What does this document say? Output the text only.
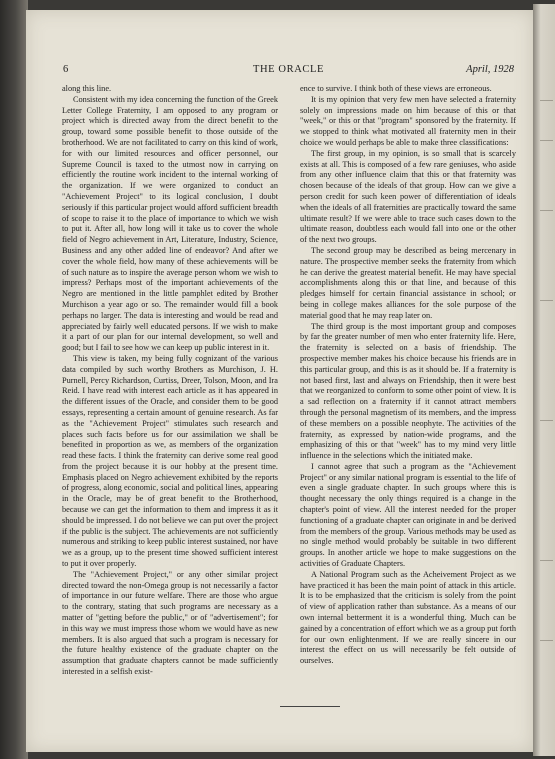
6	THE ORACLE	April, 1928

along this line.

Consistent with my idea concerning the function of the Greek Letter College Fraternity, I am opposed to any program or project which is directed away from the direct benefit to the group, toward some possible benefit to those outside of the brotherhood. We are not facilitated to carry on this kind of work, for with our limited resources and officer personnel, our Supreme Council is taxed to the utmost now in carrying on efficiently the routine work incident to the internal working of the organization. If we were organized to conduct an "Achievement Project" to its logical conclusion, I doubt seriously if this particular project would afford sufficient breadth of scope to raise it to the place of importance to which we wish to put it. After all, how long will it take us to cover the whole field of Negro achievement in Art, Literature, Industry, Science, Business and any other added line of endeavor? And after we cover the whole field, how many of these achievements will be of such nature as to inspire the average person whom we wish to impress? Perhaps most of the important achievements of the Negro are mentioned in the little pamphlet edited by Brother Murchison a year ago or so. The remainder would fill a book perhaps no larger. The data is interesting and would be read and appreciated by fairly well educated persons. If we wish to make it a part of our plan for our internal development, so well and good; but I fail to see how we can keep up public interest in it.

This view is taken, my being fully cognizant of the various data compiled by such worthy Brothers as Murchison, J. H. Purnell, Percy Richardson, Curtiss, Dreer, Tolson, Moon, and Ira Reid. I have read with interest each article as it has appeared in the different issues of the Oracle, and consider them to be good essays, representing a certain amount of genuine research. As far as the "Achievement Project" stimulates such research and places such facts before us for our assimilation we shall be benefited in proportion as we, as members of the organization read these facts. I think the fraternity can derive some real good from the project because it is our hobby at the present time. Emphasis placed on Negro achievement exhibited by the reports of progress, along economic, social and political lines, appearing in the Oracle, may be of great benefit to the Brotherhood, because we can get the information to them and impress it as it should be impressed. I do not believe we can put over the project if the public is the subject. The achievements are not sufficiently numerous and striking to keep public interest sustained, nor have we as a group, up to the present time showed sufficient interest to put it over properly.

The "Achievement Project," or any other similar project directed toward the non-Omega group is not necessarily a factor of importance in our future welfare. There are those who argue to the contrary, stating that such programs are necessary as a matter of "getting before the public," or of "advertisement"; for in this way we must impress those whom we would have as new members. It is also argued that such a program is necessary for the future healthy existence of the graduate chapter on the assumption that graduate chapters cannot be made sufficiently interested in a selfish exist-

ence to survive. I think both of these views are erroneous.

It is my opinion that very few men have selected a fraternity solely on impressions made on him because of this or that "week," or this or that "program" sponsored by the fraternity. If we stopped to think what motivated all fraternity men in their choice we would perhaps be able to make three classifications:

The first group, in my opinion, is so small that is scarcely exists at all. This is composed of a few rare geniuses, who aside from any other influence claim that this or that fraternity was chosen because of the ideals of that group. How can we give a person credit for such keen power of differentiation of ideals when the ideals of all fraternities are practically toward the same ultimate result? If we were able to trace such cases down to the ultimate reason, doubtless each would fall into one or the other of the next two groups.

The second group may be described as being mercenary in nature. The prospective member seeks the fraternity from which he can derive the greatest material benefit. He may have special accomplishments along this or that line, and because of this pledges himself for certain financial assistance in school; or being in college makes alliances for the sole purpose of the material good that he may reap later on.

The third group is the most important group and composes by far the greater number of men who enter fraternity life. Here, the fraternity is selected on a basis of friendship. The prospective member makes his choice because his friends are in this particular group, and this is as it should be. If a fraternity is not based first, last and always on Friendship, then it were best that we reorganized to conform to some other point of view. It is a sad reflection on a fraternity if it cannot attract members through the personal magnetism of its members, and the impress of these members on a possible neophyte. The activities of the fraternity, as expressed by nation-wide programs, and the emphasizing of this or that "week" has to my mind very little influence in the selections which the initiated make.

I cannot agree that such a program as the "Achievement Project" or any similar national program is essential to the life of even a single graduate chapter. In such groups where this is thought necessary the only things required is a change in the chapter's point of view. All the interest needed for the proper functioning of a graduate chapter can originate in and be derived from the members of the group. Various methods may be used as no single method would probably be suitable in two different groups. In another article we hope to make suggestions on the activities of Graduate Chapters.

A National Program such as the Acheivement Project as we have practiced it has been the main point of attack in this article. It is to be emphasized that the criticism is solely from the point of view of application rather than substance. As a means of our own internal betterment it is a wonderful thing. Much can be gained by a concentration of effort which we as a group put forth for our own enlightenment. If we are really sincere in our interest the effect on us will necessarily be felt outside of ourselves.
